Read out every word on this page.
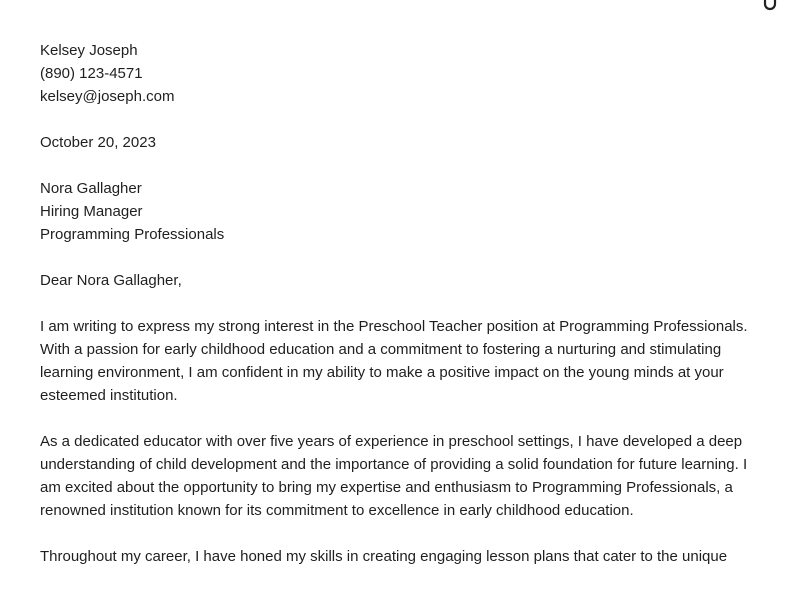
Kelsey Joseph
(890) 123-4571
kelsey@joseph.com
October 20, 2023
Nora Gallagher
Hiring Manager
Programming Professionals
Dear Nora Gallagher,

I am writing to express my strong interest in the Preschool Teacher position at Programming Professionals. With a passion for early childhood education and a commitment to fostering a nurturing and stimulating learning environment, I am confident in my ability to make a positive impact on the young minds at your esteemed institution.

As a dedicated educator with over five years of experience in preschool settings, I have developed a deep understanding of child development and the importance of providing a solid foundation for future learning. I am excited about the opportunity to bring my expertise and enthusiasm to Programming Professionals, a renowned institution known for its commitment to excellence in early childhood education.

Throughout my career, I have honed my skills in creating engaging lesson plans that cater to the unique
